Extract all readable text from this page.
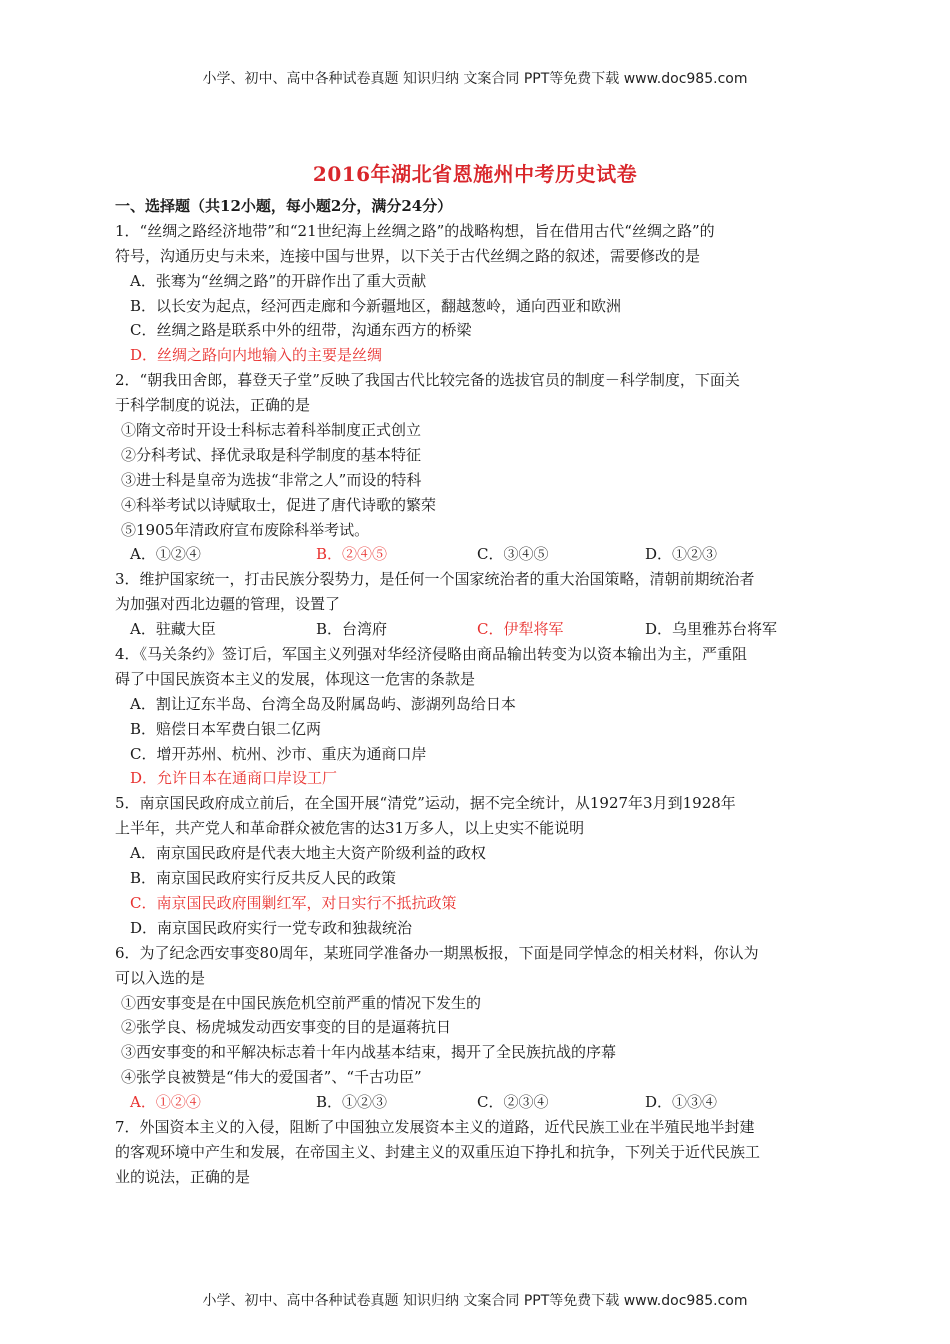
小学、初中、高中各种试卷真题 知识归纳 文案合同 PPT等免费下载 www.doc985.com
2016年湖北省恩施州中考历史试卷
一、选择题（共12小题，每小题2分，满分24分）
1．“丝绸之路经济地带”和“21世纪海上丝绸之路”的战略构想，旨在借用古代“丝绸之路”的
符号，沟通历史与未来，连接中国与世界，以下关于古代丝绸之路的叙述，需要修改的是
A．张骞为“丝绸之路”的开辟作出了重大贡献
B．以长安为起点，经河西走廊和今新疆地区，翻越葱岭，通向西亚和欧洲
C．丝绸之路是联系中外的纽带，沟通东西方的桥梁
D．丝绸之路向内地输入的主要是丝绸
2．“朝我田舍郎，暮登天子堂”反映了我国古代比较完备的选拔官员的制度－科学制度，下面关
于科学制度的说法，正确的是
①隋文帝时开设士科标志着科举制度正式创立
②分科考试、择优录取是科学制度的基本特征
③进士科是皇帝为选拔“非常之人”而设的特科
④科举考试以诗赋取士，促进了唐代诗歌的繁荣
⑤1905年清政府宣布废除科举考试。
A．①②④	B．②④⑤	C．③④⑤	D．①②③
3．维护国家统一，打击民族分裂势力，是任何一个国家统治者的重大治国策略，清朝前期统治者
为加强对西北边疆的管理，设置了
A．驻藏大臣	B．台湾府	C．伊犁将军	D．乌里雅苏台将军
4．《马关条约》签订后，军国主义列强对华经济侵略由商品输出转变为以资本输出为主，严重阻
碍了中国民族资本主义的发展，体现这一危害的条款是
A．割让辽东半岛、台湾全岛及附属岛屿、澎湖列岛给日本
B．赔偿日本军费白银二亿两
C．增开苏州、杭州、沙市、重庆为通商口岸
D．允许日本在通商口岸设工厂
5．南京国民政府成立前后，在全国开展“清党”运动，据不完全统计，从1927年3月到1928年
上半年，共产党人和革命群众被危害的达31万多人，以上史实不能说明
A．南京国民政府是代表大地主大资产阶级利益的政权
B．南京国民政府实行反共反人民的政策
C．南京国民政府围剿红军，对日实行不抵抗政策
D．南京国民政府实行一党专政和独裁统治
6．为了纪念西安事变80周年，某班同学准备办一期黑板报，下面是同学悼念的相关材料，你认为
可以入选的是
①西安事变是在中国民族危机空前严重的情况下发生的
②张学良、杨虎城发动西安事变的目的是逼蒋抗日
③西安事变的和平解决标志着十年内战基本结束，揭开了全民族抗战的序幕
④张学良被赞是“伟大的爱国者”、“千古功臣”
A．①②④	B．①②③	C．②③④	D．①③④
7．外国资本主义的入侵，阻断了中国独立发展资本主义的道路，近代民族工业在半殖民地半封建
的客观环境中产生和发展，在帝国主义、封建主义的双重压迫下挣扎和抗争，下列关于近代民族工
业的说法，正确的是
小学、初中、高中各种试卷真题 知识归纳 文案合同 PPT等免费下载 www.doc985.com
